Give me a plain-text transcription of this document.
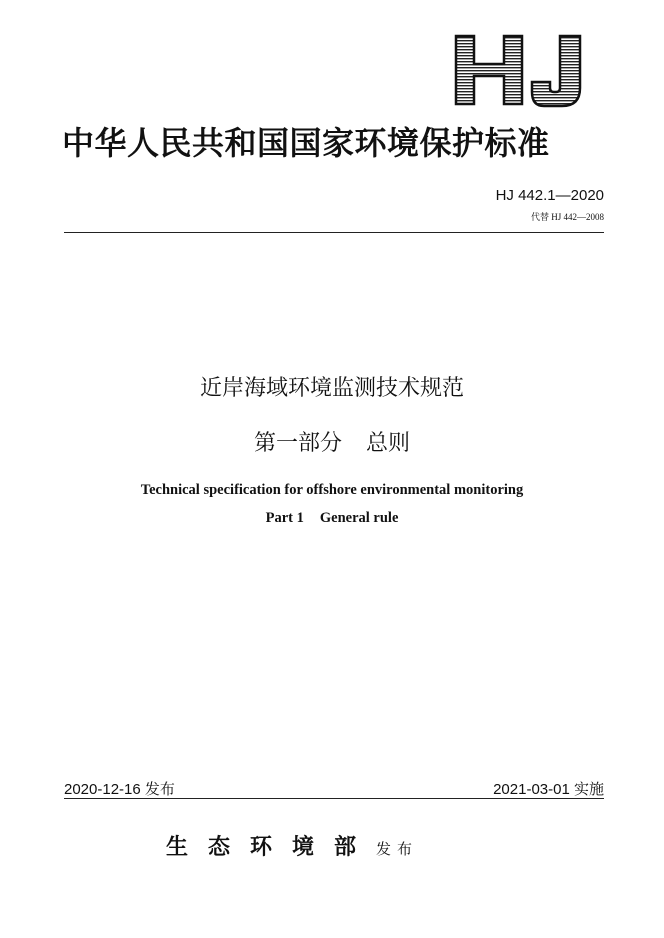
中华人民共和国国家环境保护标准
HJ 442.1—2020
代替 HJ 442—2008
近岸海域环境监测技术规范
第一部分 总则
Technical specification for offshore environmental monitoring
Part 1 General rule
2020-12-16 发布	2021-03-01 实施
生态环境部发布
